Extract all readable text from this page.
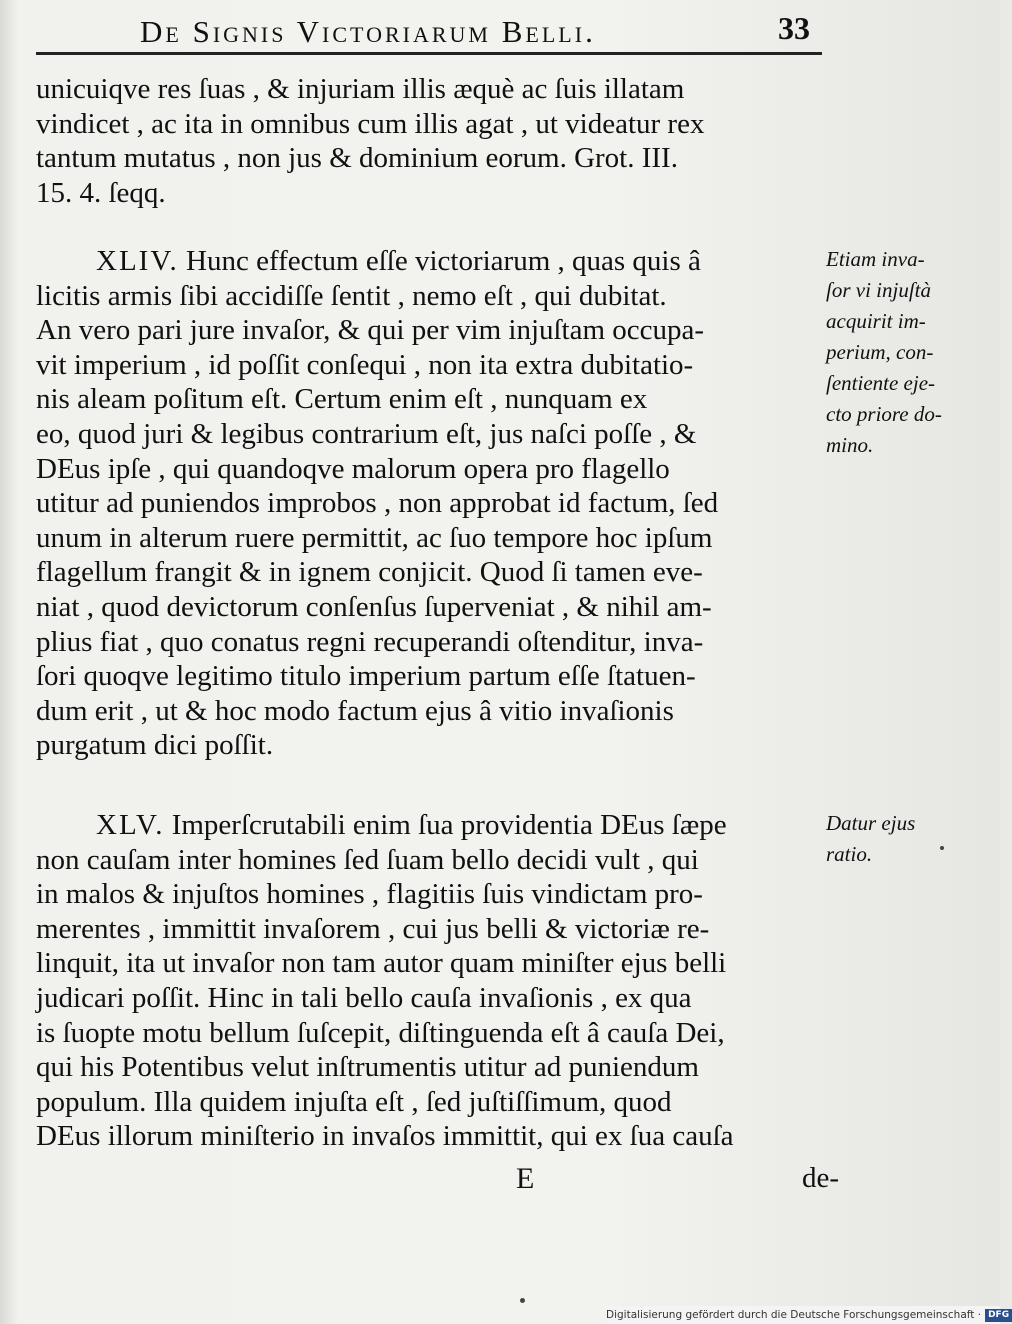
De Signis Victoriarum Belli.	33
unicuiqve res ſuas , & injuriam illis æquè ac ſuis illatam
vindicet , ac ita in omnibus cum illis agat , ut videatur rex
tantum mutatus , non jus & dominium eorum. Grot. III.
15. 4. ſeqq.
XLIV. Hunc effectum eſſe victoriarum , quas quis â
licitis armis ſibi accidiſſe ſentit , nemo eſt , qui dubitat.
An vero pari jure invaſor, & qui per vim injuſtam occupa-
vit imperium , id poſſit conſequi , non ita extra dubitatio-
nis aleam poſitum eſt. Certum enim eſt , nunquam ex
eo, quod juri & legibus contrarium eſt, jus naſci poſſe , &
DEus ipſe , qui quandoqve malorum opera pro flagello
utitur ad puniendos improbos , non approbat id factum, ſed
unum in alterum ruere permittit, ac ſuo tempore hoc ipſum
flagellum frangit & in ignem conjicit. Quod ſi tamen eve-
niat , quod devictorum conſenſus ſuperveniat , & nihil am-
plius fiat , quo conatus regni recuperandi oſtenditur, inva-
ſori quoqve legitimo titulo imperium partum eſſe ſtatuen-
dum erit , ut & hoc modo factum ejus â vitio invaſionis
purgatum dici poſſit.
Etiam inva-
ſor vi injuſtà
acquirit im-
perium, con-
ſentiente eje-
cto priore do-
mino.
XLV. Imperſcrutabili enim ſua providentia DEus ſæpe
non cauſam inter homines ſed ſuam bello decidi vult , qui
in malos & injuſtos homines , flagitiis ſuis vindictam pro-
merentes , immittit invaſorem , cui jus belli & victoriæ re-
linquit, ita ut invaſor non tam autor quam miniſter ejus belli
judicari poſſit. Hinc in tali bello cauſa invaſionis , ex qua
is ſuopte motu bellum ſuſcepit, diſtinguenda eſt â cauſa Dei,
qui his Potentibus velut inſtrumentis utitur ad puniendum
populum. Illa quidem injuſta eſt , ſed juſtiſſimum, quod
DEus illorum miniſterio in invaſos immittit, qui ex ſua cauſa
Datur ejus
ratio.
E	de-
Digitalisierung gefördert durch die Deutsche Forschungsgemeinschaft · DFG
